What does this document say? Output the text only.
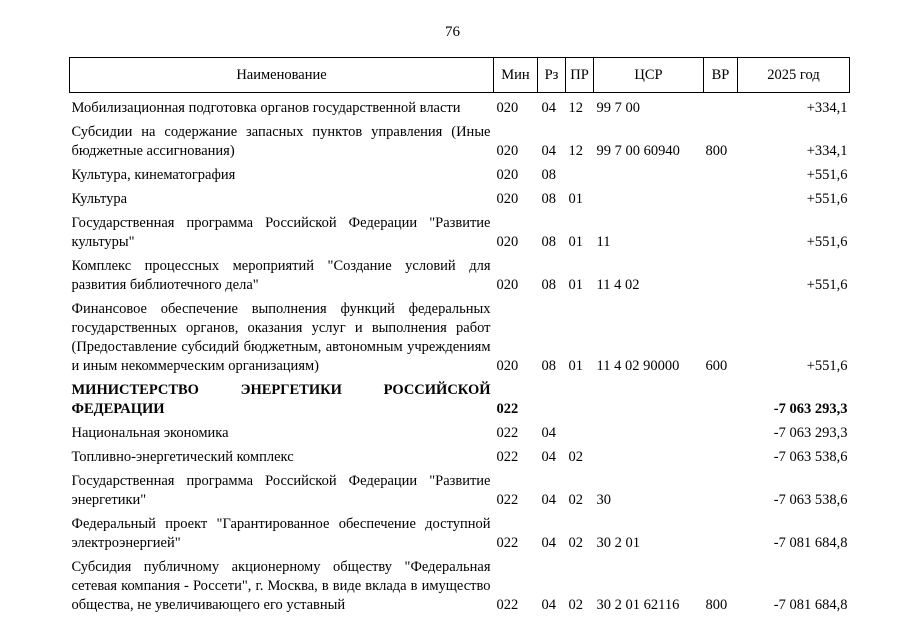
76
Наименование	Мин	Рз	ПР	ЦСР	ВР	2025 год
Мобилизационная подготовка органов государственной власти	020	04	12	99 7 00		+334,1
Субсидии на содержание запасных пунктов управления (Иные бюджетные ассигнования)	020	04	12	99 7 00 60940	800	+334,1
Культура, кинематография	020	08				+551,6
Культура	020	08	01			+551,6
Государственная программа Российской Федерации "Развитие культуры"	020	08	01	11		+551,6
Комплекс процессных мероприятий "Создание условий для развития библиотечного дела"	020	08	01	11 4 02		+551,6
Финансовое обеспечение выполнения функций федеральных государственных органов, оказания услуг и выполнения работ (Предоставление субсидий бюджетным, автономным учреждениям и иным некоммерческим организациям)	020	08	01	11 4 02 90000	600	+551,6

МИНИСТЕРСТВО ЭНЕРГЕТИКИ РОССИЙСКОЙ
ФЕДЕРАЦИИ	022					-7 063 293,3
Национальная экономика	022	04				-7 063 293,3
Топливно-энергетический комплекс	022	04	02			-7 063 538,6
Государственная программа Российской Федерации "Развитие энергетики"	022	04	02	30		-7 063 538,6
Федеральный проект "Гарантированное обеспечение доступной электроэнергией"	022	04	02	30 2 01		-7 081 684,8
Субсидия публичному акционерному обществу "Федеральная сетевая компания - Россети", г. Москва, в виде вклада в имущество общества, не увеличивающего его уставный	022	04	02	30 2 01 62116	800	-7 081 684,8
